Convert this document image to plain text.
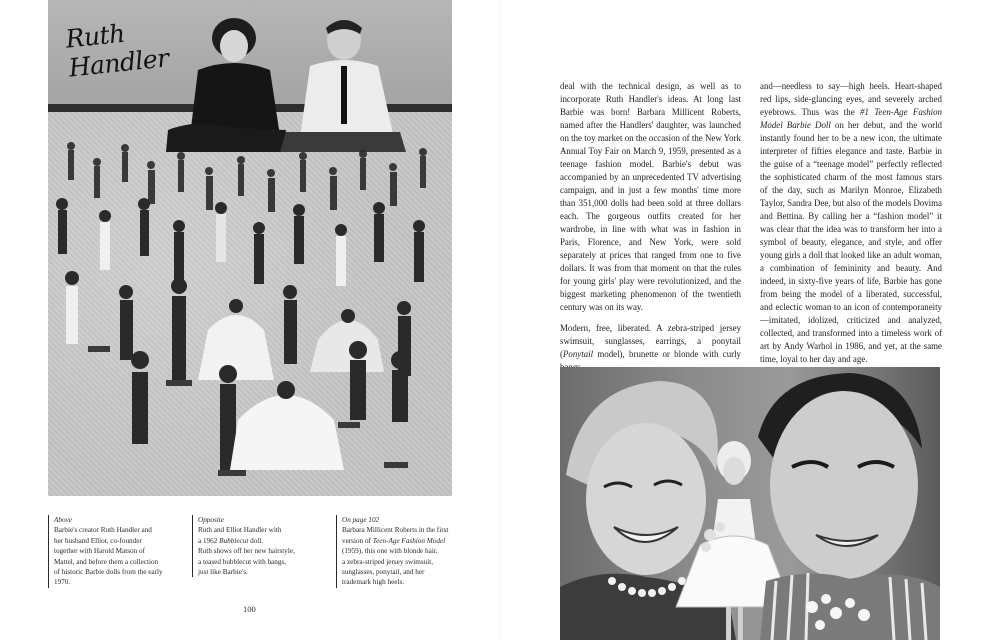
Ruth Handler
Above
Barbie's creator Ruth Handler and
her husband Elliot, co-founder
together with Harold Matson of
Mattel, and before them a collection
of historic Barbie dolls from the early
1970.
Opposite
Ruth and Elliot Handler with
a 1962 Bubblecut doll.
Ruth shows off her new hairstyle,
a teased bubblecut with bangs,
just like Barbie's.
On page 102
Barbara Millicent Roberts in the first
version of Teen-Age Fashion Model
(1959), this one with blonde hair,
a zebra-striped jersey swimsuit,
sunglasses, ponytail, and her
trademark high heels.
100

deal with the technical design, as well as to incorporate Ruth Handler's ideas. At long last Barbie was born! Barbara Millicent Roberts, named after the Handlers' daughter, was launched on the toy market on the occasion of the New York Annual Toy Fair on March 9, 1959, presented as a teenage fashion model. Barbie's debut was accompanied by an unprecedented TV advertising campaign, and in just a few months' time more than 351,000 dolls had been sold at three dollars each. The gorgeous outfits created for her wardrobe, in line with what was in fashion in Paris, Florence, and New York, were sold separately at prices that ranged from one to five dollars. It was from that moment on that the rules for young girls' play were revolutionized, and the biggest marketing phenomenon of the twentieth century was on its way.

Modern, free, liberated. A zebra-striped jersey swimsuit, sunglasses, earrings, a ponytail (Ponytail model), brunette or blonde with curly

and—needless to say—high heels. Heart-shaped red lips, side-glancing eyes, and severely arched eyebrows. Thus was the #1 Teen-Age Fashion Model Barbie Doll on her debut, and the world instantly found her to be a new icon, the ultimate interpreter of fifties elegance and taste. Barbie in the guise of a “teenage model” perfectly reflected the sophisticated charm of the most famous stars of the day, such as Marilyn Monroe, Elizabeth Taylor, Sandra Dee, but also of the models Dovima and Bettina. By calling her a “fashion model” it was clear that the idea was to transform her into a symbol of beauty, elegance, and style, and offer young girls a doll that looked like an adult woman, a combination of femininity and beauty. And indeed, in sixty-five years of life, Barbie has gone from being the model of a liberated, successful, and eclectic woman to an icon of contemporaneity—imitated, idolized, criticized and analyzed, collected, and transformed into a timeless work of art by Andy Warhol in 1986, and yet, at the same time, loyal to her day and age.
